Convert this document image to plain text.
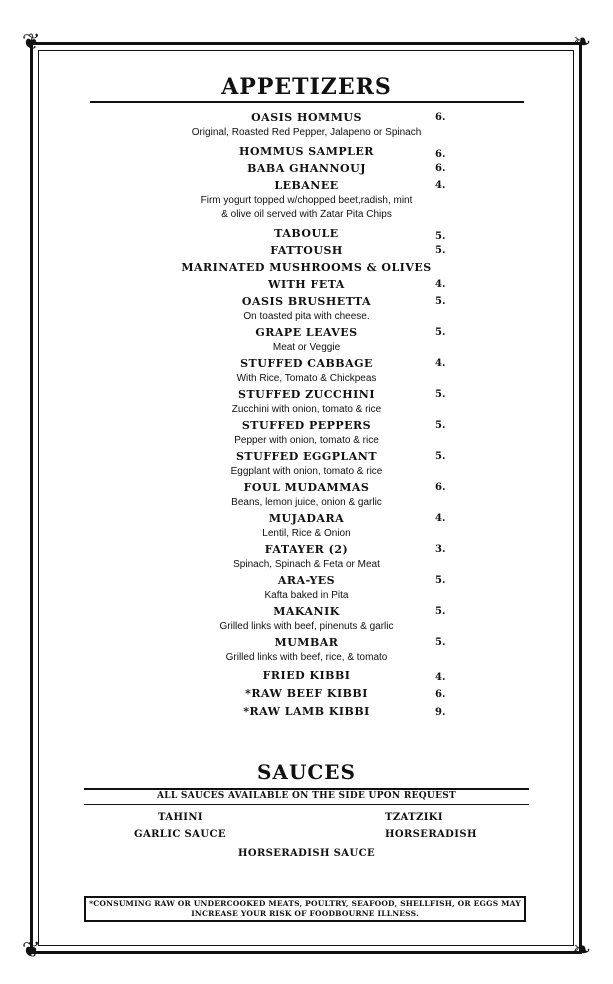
❦	❧
❦	❧
APPETIZERS
OASIS HOMMUS	6.
Original, Roasted Red Pepper, Jalapeno or Spinach
HOMMUS SAMPLER	6.
BABA GHANNOUJ	6.
LEBANEE	4.
Firm yogurt topped w/chopped beet,radish, mint
& olive oil served with Zatar Pita Chips
TABOULE	5.
FATTOUSH	5.
MARINATED MUSHROOMS & OLIVES
WITH FETA	4.
OASIS BRUSHETTA	5.
On toasted pita with cheese.
GRAPE LEAVES	5.
Meat or Veggie
STUFFED CABBAGE	4.
With Rice, Tomato & Chickpeas
STUFFED ZUCCHINI	5.
Zucchini with onion, tomato & rice
STUFFED PEPPERS	5.
Pepper with onion, tomato & rice
STUFFED EGGPLANT	5.
Eggplant with onion, tomato & rice
FOUL MUDAMMAS	6.
Beans, lemon juice, onion & garlic
MUJADARA	4.
Lentil, Rice & Onion
FATAYER (2)	3.
Spinach, Spinach & Feta or Meat
ARA-YES	5.
Kafta baked in Pita
MAKANIK	5.
Grilled links with beef, pinenuts & garlic
MUMBAR	5.
Grilled links with beef, rice, & tomato
FRIED KIBBI	4.
*RAW BEEF KIBBI	6.
*RAW LAMB KIBBI	9.
SAUCES
ALL SAUCES AVAILABLE ON THE SIDE UPON REQUEST
TAHINI	TZATZIKI
GARLIC SAUCE	HORSERADISH
HORSERADISH SAUCE
*CONSUMING RAW OR UNDERCOOKED MEATS, POULTRY, SEAFOOD, SHELLFISH, OR EGGS MAY
INCREASE YOUR RISK OF FOODBOURNE ILLNESS.
